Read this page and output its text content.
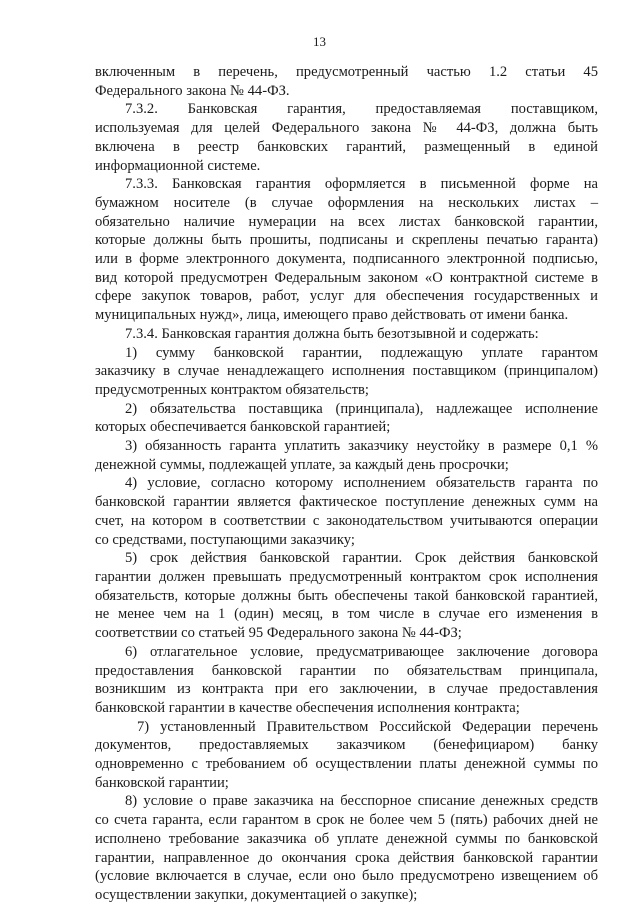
13
включенным в перечень, предусмотренный частью 1.2 статьи 45
Федерального закона № 44-ФЗ.
7.3.2. Банковская гарантия, предоставляемая поставщиком,
используемая для целей Федерального закона № 44-ФЗ, должна быть
включена в реестр банковских гарантий, размещенный в единой
информационной системе.
7.3.3. Банковская гарантия оформляется в письменной форме на
бумажном носителе (в случае оформления на нескольких листах –
обязательно наличие нумерации на всех листах банковской гарантии,
которые должны быть прошиты, подписаны и скреплены печатью гаранта)
или в форме электронного документа, подписанного электронной подписью,
вид которой предусмотрен Федеральным законом «О контрактной системе в
сфере закупок товаров, работ, услуг для обеспечения государственных и
муниципальных нужд», лица, имеющего право действовать от имени банка.
7.3.4. Банковская гарантия должна быть безотзывной и содержать:
1) сумму банковской гарантии, подлежащую уплате гарантом
заказчику в случае ненадлежащего исполнения поставщиком (принципалом)
предусмотренных контрактом обязательств;
2) обязательства поставщика (принципала), надлежащее исполнение
которых обеспечивается банковской гарантией;
3) обязанность гаранта уплатить заказчику неустойку в размере 0,1 %
денежной суммы, подлежащей уплате, за каждый день просрочки;
4) условие, согласно которому исполнением обязательств гаранта по
банковской гарантии является фактическое поступление денежных сумм на
счет, на котором в соответствии с законодательством учитываются операции
со средствами, поступающими заказчику;
5) срок действия банковской гарантии. Срок действия банковской
гарантии должен превышать предусмотренный контрактом срок исполнения
обязательств, которые должны быть обеспечены такой банковской гарантией,
не менее чем на 1 (один) месяц, в том числе в случае его изменения в
соответствии со статьей 95 Федерального закона № 44-ФЗ;
6) отлагательное условие, предусматривающее заключение договора
предоставления банковской гарантии по обязательствам принципала,
возникшим из контракта при его заключении, в случае предоставления
банковской гарантии в качестве обеспечения исполнения контракта;
7) установленный Правительством Российской Федерации перечень
документов, предоставляемых заказчиком (бенефициаром) банку
одновременно с требованием об осуществлении платы денежной суммы по
банковской гарантии;
8) условие о праве заказчика на бесспорное списание денежных средств
со счета гаранта, если гарантом в срок не более чем 5 (пять) рабочих дней не
исполнено требование заказчика об уплате денежной суммы по банковской
гарантии, направленное до окончания срока действия банковской гарантии
(условие включается в случае, если оно было предусмотрено извещением об
осуществлении закупки, документацией о закупке);
